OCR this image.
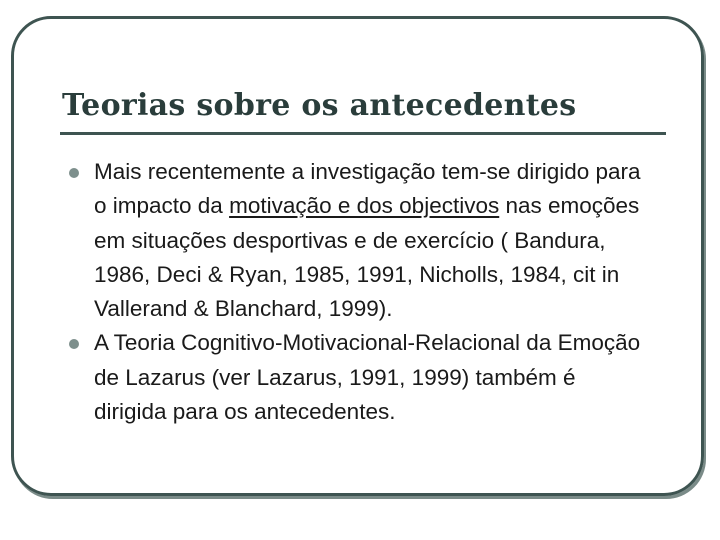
Teorias sobre os antecedentes
Mais recentemente a investigação tem-se dirigido para o impacto da motivação e dos objectivos nas emoções em situações desportivas e de exercício ( Bandura, 1986, Deci & Ryan, 1985, 1991, Nicholls, 1984, cit in Vallerand & Blanchard, 1999).
A Teoria Cognitivo-Motivacional-Relacional da Emoção de Lazarus (ver Lazarus, 1991, 1999) também é dirigida para os antecedentes.
